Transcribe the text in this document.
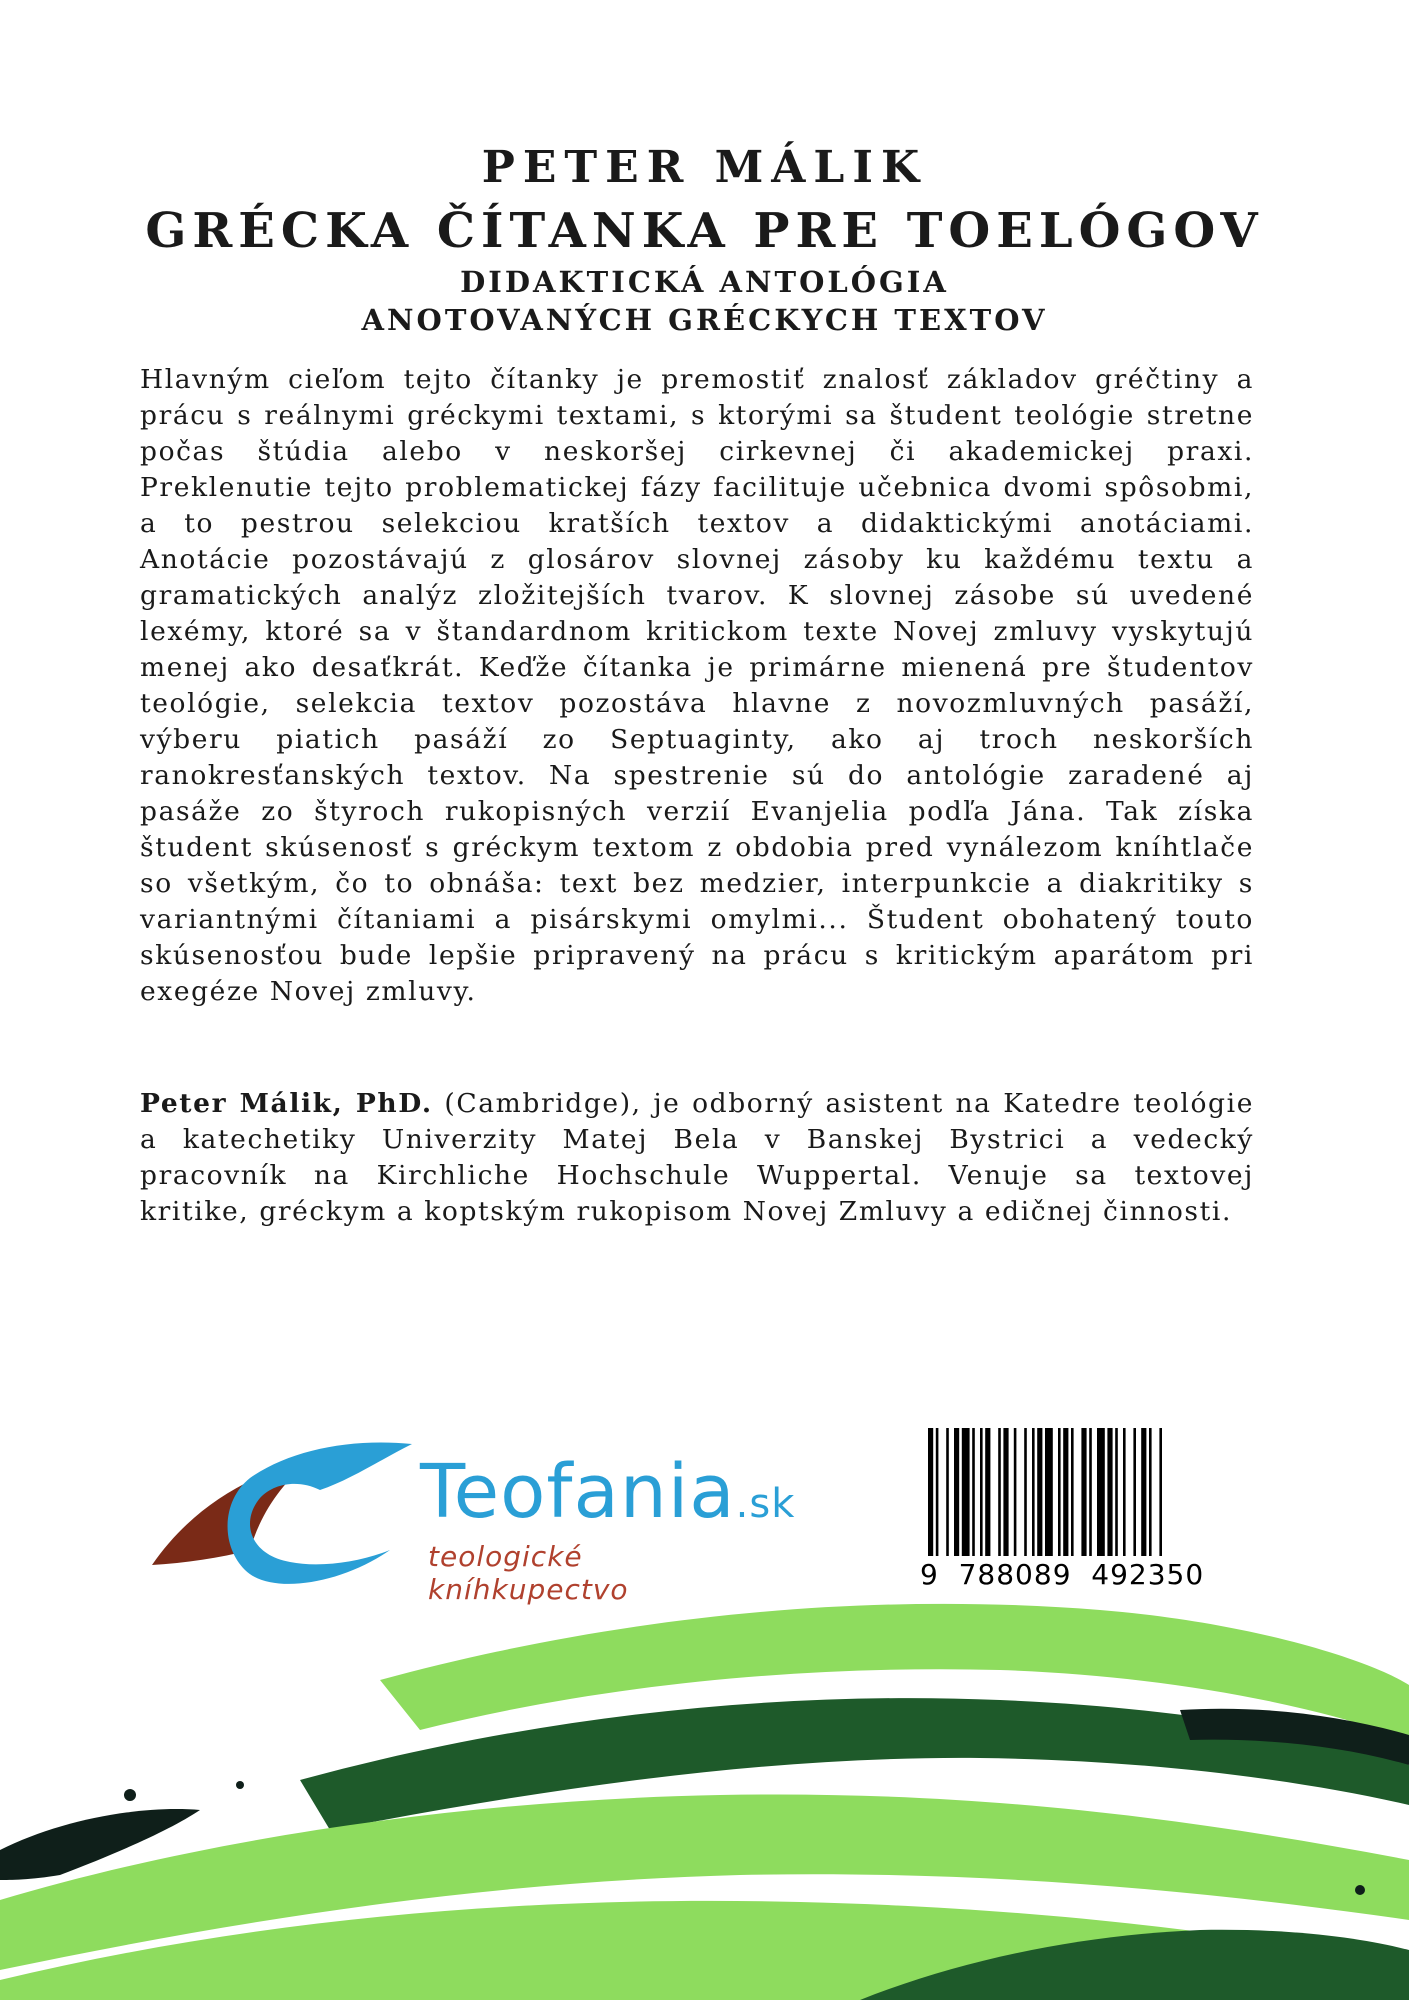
PETER MÁLIK
GRÉCKA ČÍTANKA PRE TOELÓGOV
DIDAKTICKÁ ANTOLÓGIA
ANOTOVANÝCH GRÉCKYCH TEXTOV

Hlavným cieľom tejto čítanky je premostiť znalosť základov gréčtiny a prácu s reálnymi gréckymi textami, s ktorými sa študent teológie stretne počas štúdia alebo v neskoršej cirkevnej či akademickej praxi. Preklenutie tejto problematickej fázy facilituje učebnica dvomi spôsobmi, a to pestrou selekciou kratších textov a didaktickými anotáciami. Anotácie pozostávajú z glosárov slovnej zásoby ku každému textu a gramatických analýz zložitejších tvarov. K slovnej zásobe sú uvedené lexémy, ktoré sa v štandardnom kritickom texte Novej zmluvy vyskytujú menej ako desaťkrát. Keďže čítanka je primárne mienená pre študentov teológie, selekcia textov pozostáva hlavne z novozmluvných pasáží, výberu piatich pasáží zo Septuaginty, ako aj troch neskorších ranokresťanských textov. Na spestrenie sú do antológie zaradené aj pasáže zo štyroch rukopisných verzií Evanjelia podľa Jána. Tak získa študent skúsenosť s gréckym textom z obdobia pred vynálezom kníhtlače so všetkým, čo to obnáša: text bez medzier, interpunkcie a diakritiky s variantnými čítaniami a pisárskymi omylmi... Študent obohatený touto skúsenosťou bude lepšie pripravený na prácu s kritickým aparátom pri exegéze Novej zmluvy.

Peter Málik, PhD. (Cambridge), je odborný asistent na Katedre teológie a katechetiky Univerzity Matej Bela v Banskej Bystrici a vedecký pracovník na Kirchliche Hochschule Wuppertal. Venuje sa textovej kritike, gréckym a koptským rukopisom Novej Zmluvy a edičnej činnosti.

Teofania.sk
teologické kníhkupectvo	9  788089  492350
